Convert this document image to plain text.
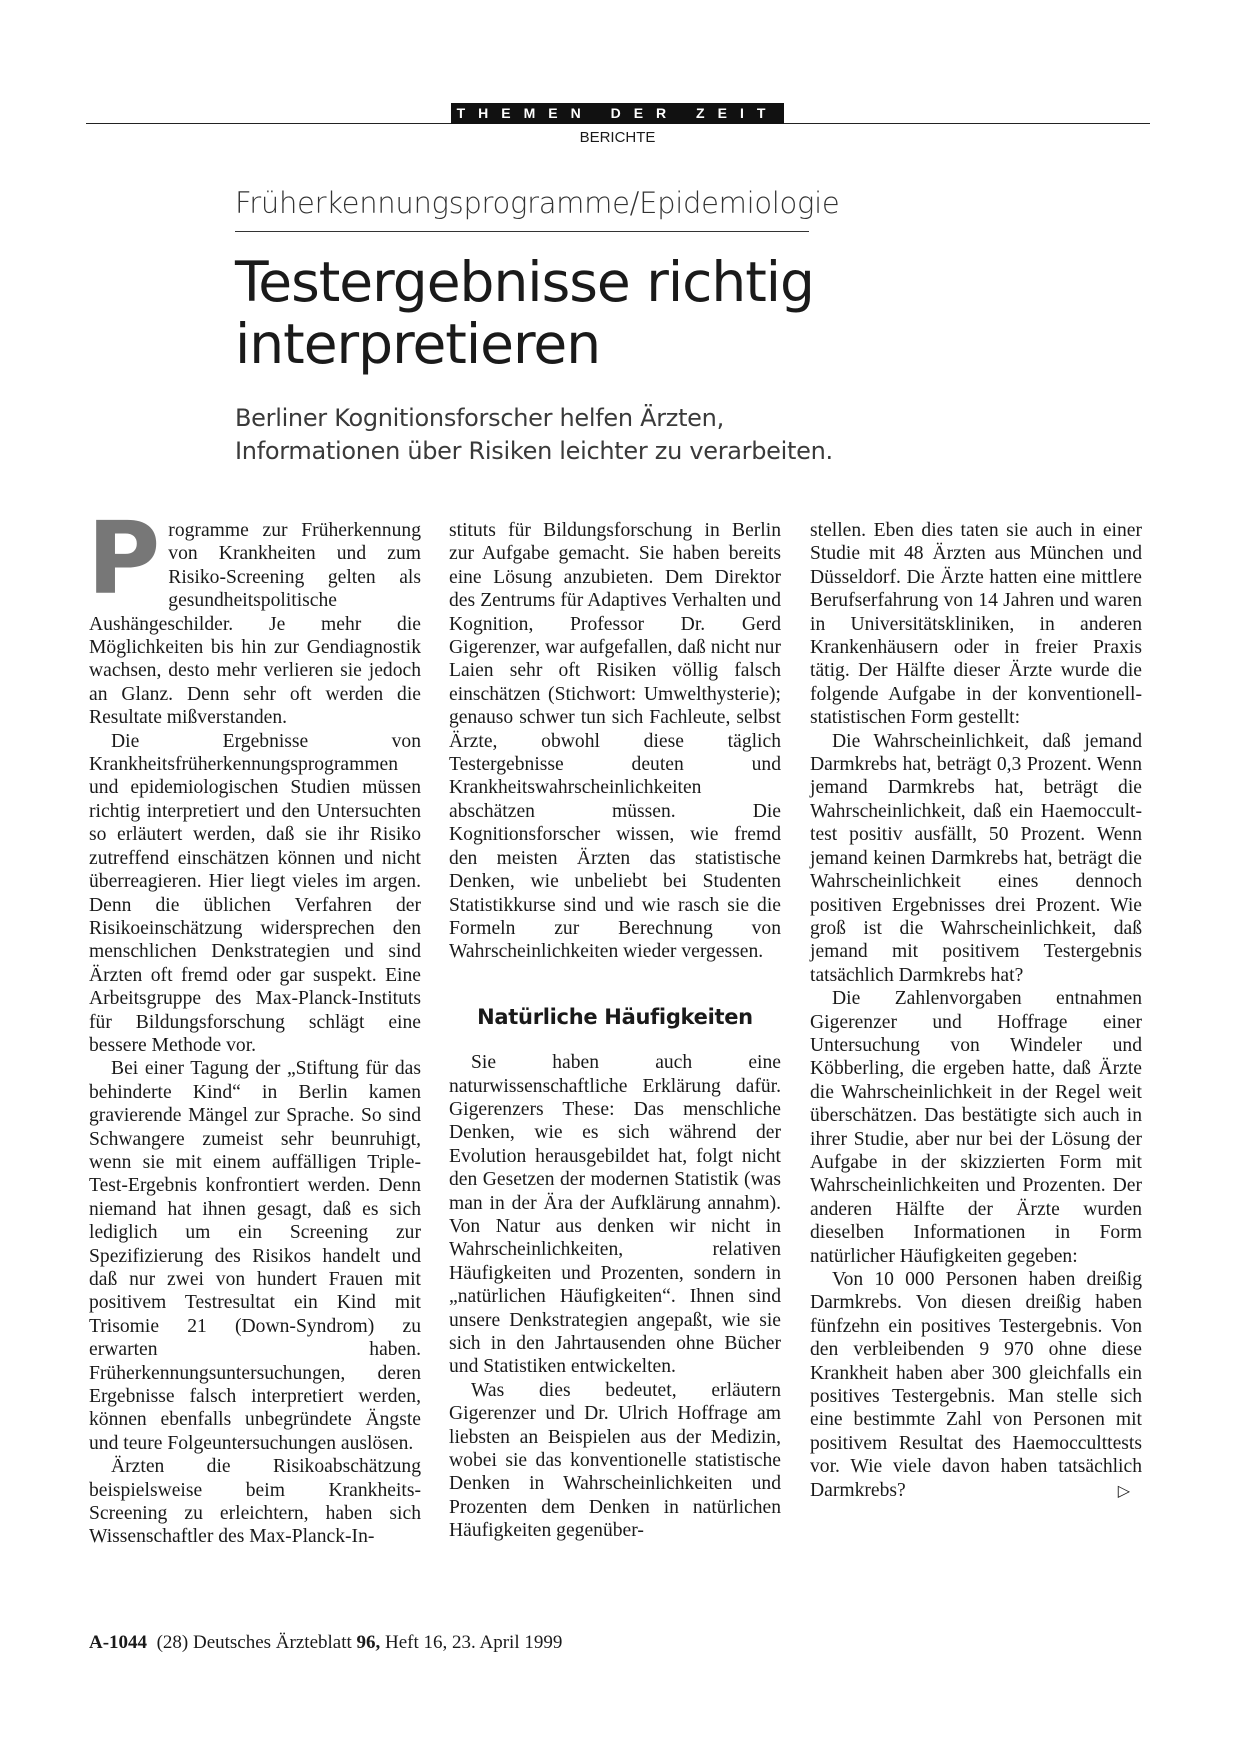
THEMEN DER ZEIT
BERICHTE
Früherkennungsprogramme/Epidemiologie
Testergebnisse richtig
interpretieren
Berliner Kognitionsforscher helfen Ärzten,
Informationen über Risiken leichter zu verarbeiten.

Programme zur Früherkennung von Krankheiten und zum Risiko-Screening gelten als gesundheitspolitische Aushängeschilder. Je mehr die Möglichkeiten bis hin zur Gendiagnostik wachsen, desto mehr verlieren sie jedoch an Glanz. Denn sehr oft werden die Resultate mißverstanden.

Die Ergebnisse von Krankheitsfrüherkennungsprogrammen und epidemiologischen Studien müssen richtig interpretiert und den Untersuchten so erläutert werden, daß sie ihr Risiko zutreffend einschätzen können und nicht überreagieren. Hier liegt vieles im argen. Denn die üblichen Verfahren der Risikoeinschätzung widersprechen den menschlichen Denkstrategien und sind Ärzten oft fremd oder gar suspekt. Eine Arbeitsgruppe des Max-Planck-Instituts für Bildungsforschung schlägt eine bessere Methode vor.

Bei einer Tagung der „Stiftung für das behinderte Kind“ in Berlin kamen gravierende Mängel zur Sprache. So sind Schwangere zumeist sehr beunruhigt, wenn sie mit einem auffälligen Triple-Test-Ergebnis konfrontiert werden. Denn niemand hat ihnen gesagt, daß es sich lediglich um ein Screening zur Spezifizierung des Risikos handelt und daß nur zwei von hundert Frauen mit positivem Testresultat ein Kind mit Trisomie 21 (Down-Syndrom) zu erwarten haben. Früherkennungsuntersuchungen, deren Ergebnisse falsch interpretiert werden, können ebenfalls unbegründete Ängste und teure Folgeuntersuchungen auslösen.

Ärzten die Risikoabschätzung beispielsweise beim Krankheits-Screening zu erleichtern, haben sich Wissenschaftler des Max-Planck-In-

stituts für Bildungsforschung in Berlin zur Aufgabe gemacht. Sie haben bereits eine Lösung anzubieten. Dem Direktor des Zentrums für Adaptives Verhalten und Kognition, Professor Dr. Gerd Gigerenzer, war aufgefallen, daß nicht nur Laien sehr oft Risiken völlig falsch einschätzen (Stichwort: Umwelthysterie); genauso schwer tun sich Fachleute, selbst Ärzte, obwohl diese täglich Testergebnisse deuten und Krankheitswahrscheinlichkeiten abschätzen müssen. Die Kognitionsforscher wissen, wie fremd den meisten Ärzten das statistische Denken, wie unbeliebt bei Studenten Statistikkurse sind und wie rasch sie die Formeln zur Berechnung von Wahrscheinlichkeiten wieder vergessen.

Natürliche Häufigkeiten

Sie haben auch eine naturwissenschaftliche Erklärung dafür. Gigerenzers These: Das menschliche Denken, wie es sich während der Evolution herausgebildet hat, folgt nicht den Gesetzen der modernen Statistik (was man in der Ära der Aufklärung annahm). Von Natur aus denken wir nicht in Wahrscheinlichkeiten, relativen Häufigkeiten und Prozenten, sondern in „natürlichen Häufigkeiten“. Ihnen sind unsere Denkstrategien angepaßt, wie sie sich in den Jahrtausenden ohne Bücher und Statistiken entwickelten.

Was dies bedeutet, erläutern Gigerenzer und Dr. Ulrich Hoffrage am liebsten an Beispielen aus der Medizin, wobei sie das konventionelle statistische Denken in Wahrscheinlichkeiten und Prozenten dem Denken in natürlichen Häufigkeiten gegenüber-

stellen. Eben dies taten sie auch in einer Studie mit 48 Ärzten aus München und Düsseldorf. Die Ärzte hatten eine mittlere Berufserfahrung von 14 Jahren und waren in Universitätskliniken, in anderen Krankenhäusern oder in freier Praxis tätig. Der Hälfte dieser Ärzte wurde die folgende Aufgabe in der konventionell-statistischen Form gestellt:

Die Wahrscheinlichkeit, daß jemand Darmkrebs hat, beträgt 0,3 Prozent. Wenn jemand Darmkrebs hat, beträgt die Wahrscheinlichkeit, daß ein Haemocculttest positiv ausfällt, 50 Prozent. Wenn jemand keinen Darmkrebs hat, beträgt die Wahrscheinlichkeit eines dennoch positiven Ergebnisses drei Prozent. Wie groß ist die Wahrscheinlichkeit, daß jemand mit positivem Testergebnis tatsächlich Darmkrebs hat?

Die Zahlenvorgaben entnahmen Gigerenzer und Hoffrage einer Untersuchung von Windeler und Köbberling, die ergeben hatte, daß Ärzte die Wahrscheinlichkeit in der Regel weit überschätzen. Das bestätigte sich auch in ihrer Studie, aber nur bei der Lösung der Aufgabe in der skizzierten Form mit Wahrscheinlichkeiten und Prozenten. Der anderen Hälfte der Ärzte wurden dieselben Informationen in Form natürlicher Häufigkeiten gegeben:

Von 10 000 Personen haben dreißig Darmkrebs. Von diesen dreißig haben fünfzehn ein positives Testergebnis. Von den verbleibenden 9 970 ohne diese Krankheit haben aber 300 gleichfalls ein positives Testergebnis. Man stelle sich eine bestimmte Zahl von Personen mit positivem Resultat des Haemocculttests vor. Wie viele davon haben tatsächlich Darmkrebs?	▷

A-1044 (28) Deutsches Ärzteblatt 96, Heft 16, 23. April 1999
